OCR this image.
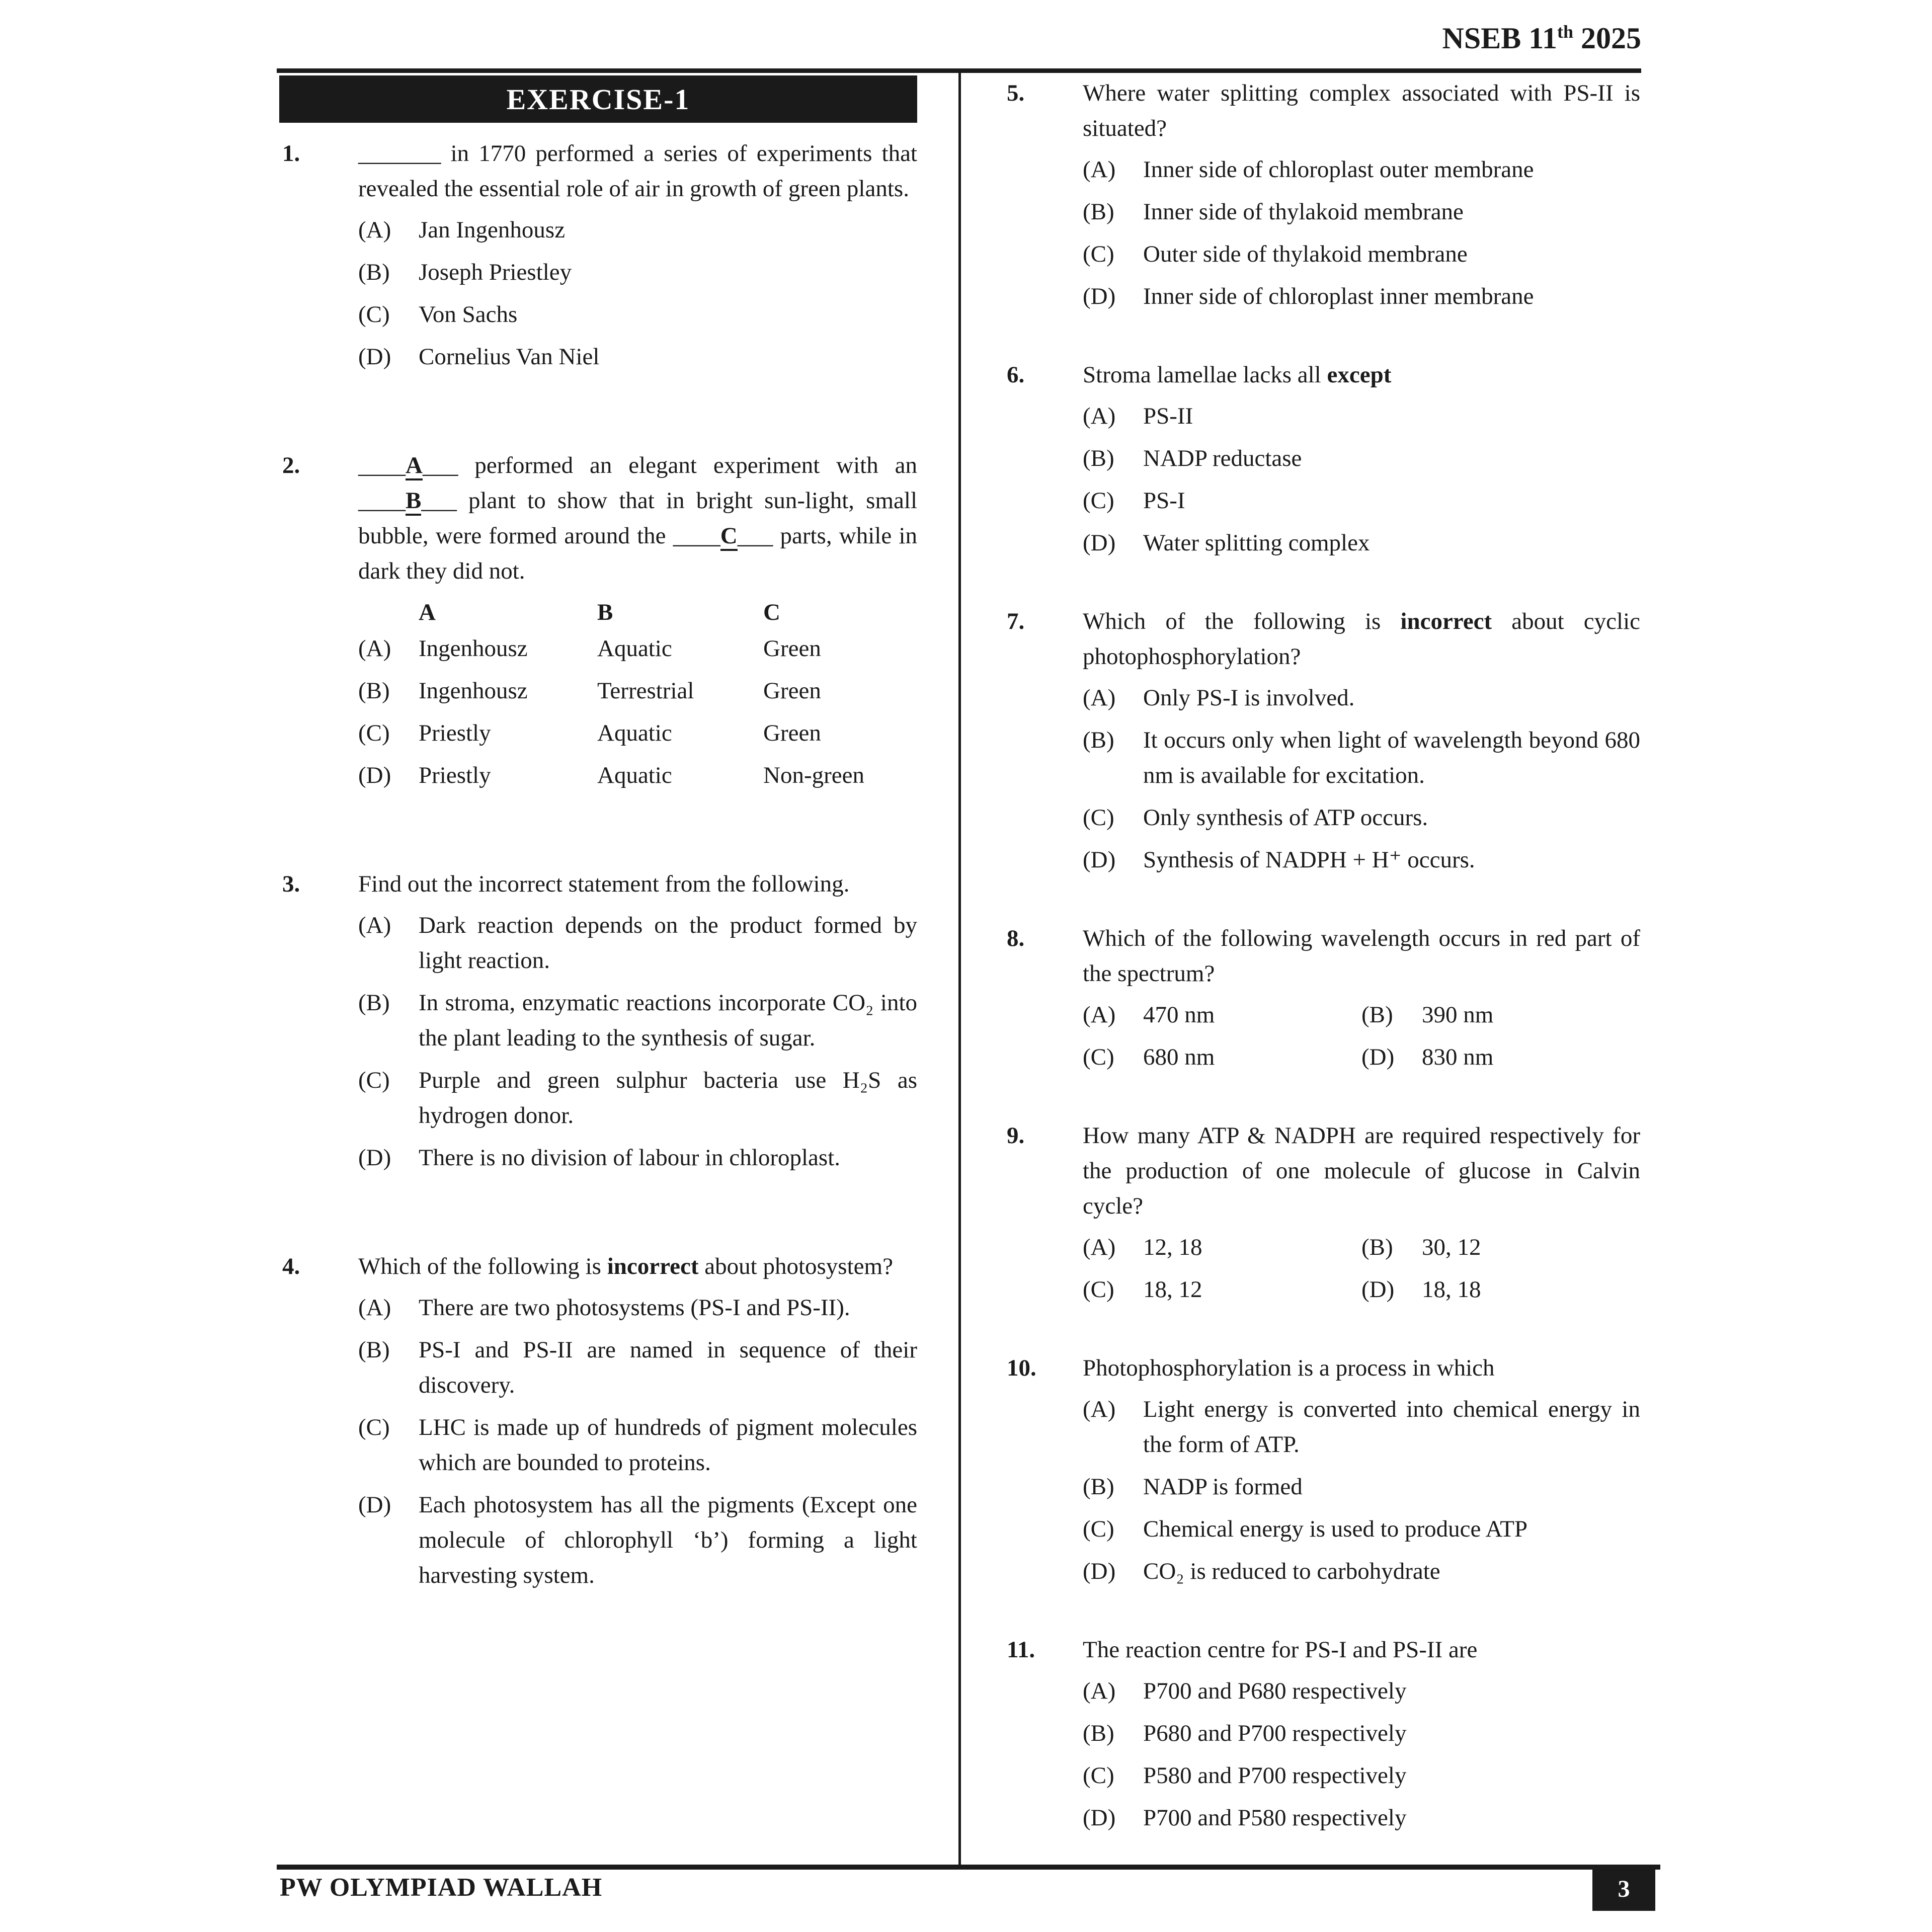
NSEB 11th 2025
EXERCISE-1
1. _______ in 1770 performed a series of experiments that revealed the essential role of air in growth of green plants.
(A)	Jan Ingenhousz
(B)	Joseph Priestley
(C)	Von Sachs
(D)	Cornelius Van Niel
2. ____A___ performed an elegant experiment with an ____B___ plant to show that in bright sun-light, small bubble, were formed around the ____C___ parts, while in dark they did not.
A	B	C
(A)	Ingenhousz	Aquatic	Green
(B)	Ingenhousz	Terrestrial	Green
(C)	Priestly	Aquatic	Green
(D)	Priestly	Aquatic	Non-green
3. Find out the incorrect statement from the following.
(A)	Dark reaction depends on the product formed by light reaction.
(B)	In stroma, enzymatic reactions incorporate CO₂ into the plant leading to the synthesis of sugar.
(C)	Purple and green sulphur bacteria use H₂S as hydrogen donor.
(D)	There is no division of labour in chloroplast.
4. Which of the following is incorrect about photosystem?
(A)	There are two photosystems (PS-I and PS-II).
(B)	PS-I and PS-II are named in sequence of their discovery.
(C)	LHC is made up of hundreds of pigment molecules which are bounded to proteins.
(D)	Each photosystem has all the pigments (Except one molecule of chlorophyll ‘b’) forming a light harvesting system.
5. Where water splitting complex associated with PS-II is situated?
(A)	Inner side of chloroplast outer membrane
(B)	Inner side of thylakoid membrane
(C)	Outer side of thylakoid membrane
(D)	Inner side of chloroplast inner membrane
6. Stroma lamellae lacks all except
(A)	PS-II
(B)	NADP reductase
(C)	PS-I
(D)	Water splitting complex
7. Which of the following is incorrect about cyclic photophosphorylation?
(A)	Only PS-I is involved.
(B)	It occurs only when light of wavelength beyond 680 nm is available for excitation.
(C)	Only synthesis of ATP occurs.
(D)	Synthesis of NADPH + H⁺ occurs.
8. Which of the following wavelength occurs in red part of the spectrum?
(A)	470 nm	(B)	390 nm
(C)	680 nm	(D)	830 nm
9. How many ATP & NADPH are required respectively for the production of one molecule of glucose in Calvin cycle?
(A)	12, 18	(B)	30, 12
(C)	18, 12	(D)	18, 18
10. Photophosphorylation is a process in which
(A)	Light energy is converted into chemical energy in the form of ATP.
(B)	NADP is formed
(C)	Chemical energy is used to produce ATP
(D)	CO₂ is reduced to carbohydrate
11. The reaction centre for PS-I and PS-II are
(A)	P700 and P680 respectively
(B)	P680 and P700 respectively
(C)	P580 and P700 respectively
(D)	P700 and P580 respectively
PW OLYMPIAD WALLAH	3
